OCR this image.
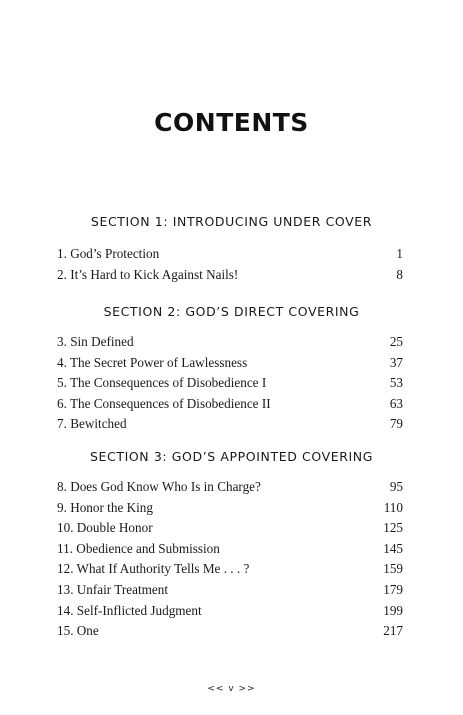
CONTENTS
SECTION 1: INTRODUCING UNDER COVER
1. God’s Protection	1
2. It’s Hard to Kick Against Nails!	8
SECTION 2: GOD’S DIRECT COVERING
3. Sin Defined	25
4. The Secret Power of Lawlessness	37
5. The Consequences of Disobedience I	53
6. The Consequences of Disobedience II	63
7. Bewitched	79
SECTION 3: GOD’S APPOINTED COVERING
8. Does God Know Who Is in Charge?	95
9. Honor the King	110
10. Double Honor	125
11. Obedience and Submission	145
12. What If Authority Tells Me . . . ?	159
13. Unfair Treatment	179
14. Self-Inflicted Judgment	199
15. One	217
<< v >>
